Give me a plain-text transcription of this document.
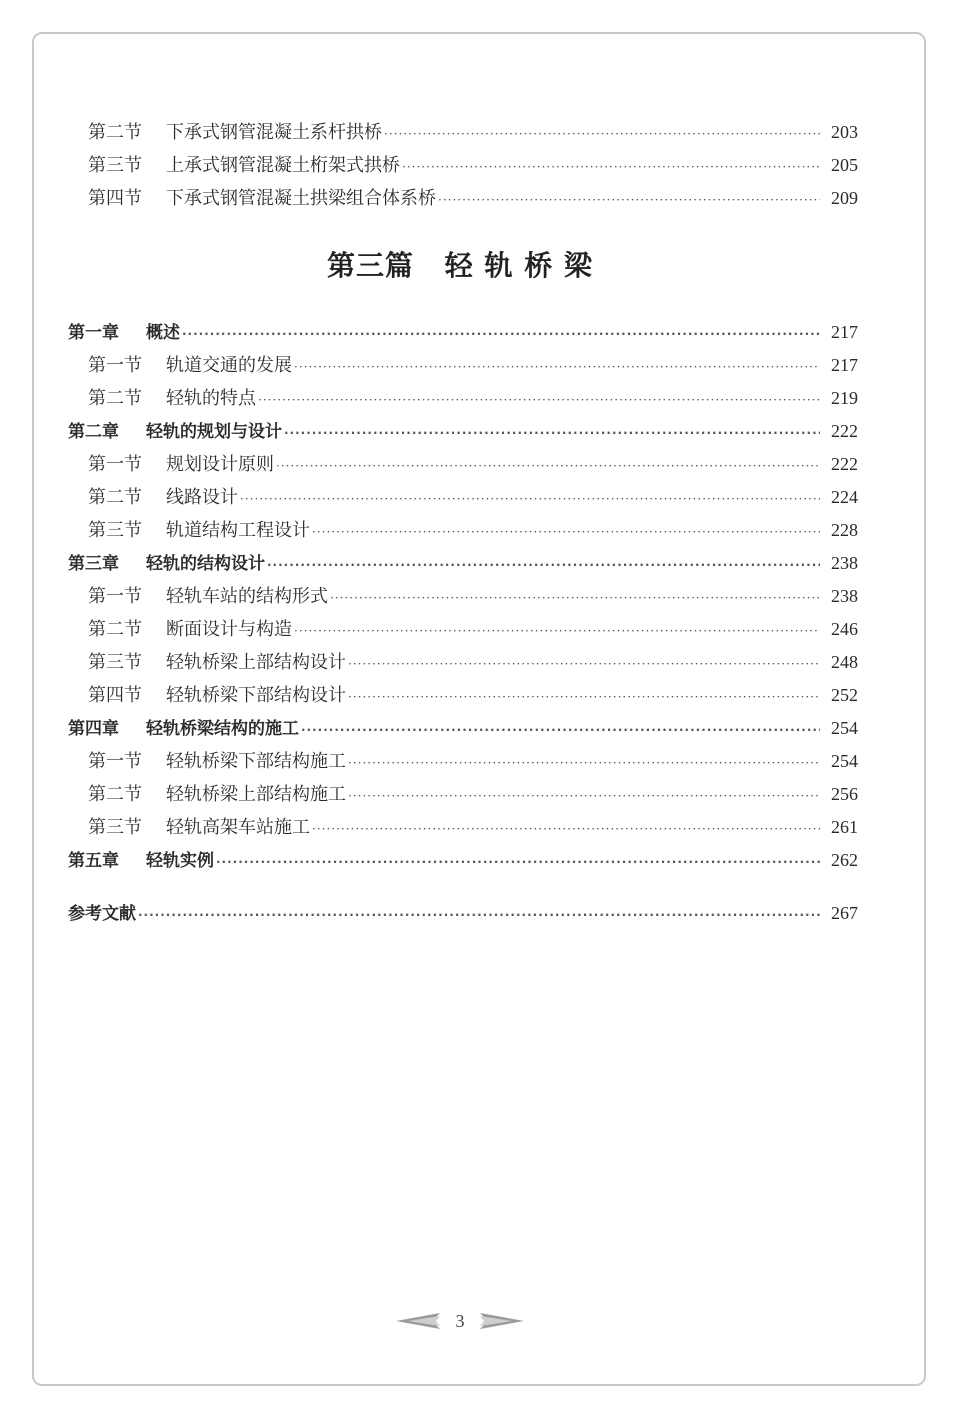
第二节	下承式钢管混凝土系杆拱桥 ·····	203
第三节	上承式钢管混凝土桁架式拱桥 ·····	205
第四节	下承式钢管混凝土拱梁组合体系桥 ·····	209
第一章	概述 ·····	217
第一节	轨道交通的发展 ·····	217
第二节	轻轨的特点 ·····	219
第二章	轻轨的规划与设计 ·····	222
第一节	规划设计原则 ·····	222
第二节	线路设计 ·····	224
第三节	轨道结构工程设计 ·····	228
第三章	轻轨的结构设计 ·····	238
第一节	轻轨车站的结构形式 ·····	238
第二节	断面设计与构造 ·····	246
第三节	轻轨桥梁上部结构设计 ·····	248
第四节	轻轨桥梁下部结构设计 ·····	252
第四章	轻轨桥梁结构的施工 ·····	254
第一节	轻轨桥梁下部结构施工 ·····	254
第二节	轻轨桥梁上部结构施工 ·····	256
第三节	轻轨高架车站施工 ·····	261
第五章	轻轨实例 ·····	262
参考文献 ·····	267
第三篇 轻 轨 桥 梁
3
